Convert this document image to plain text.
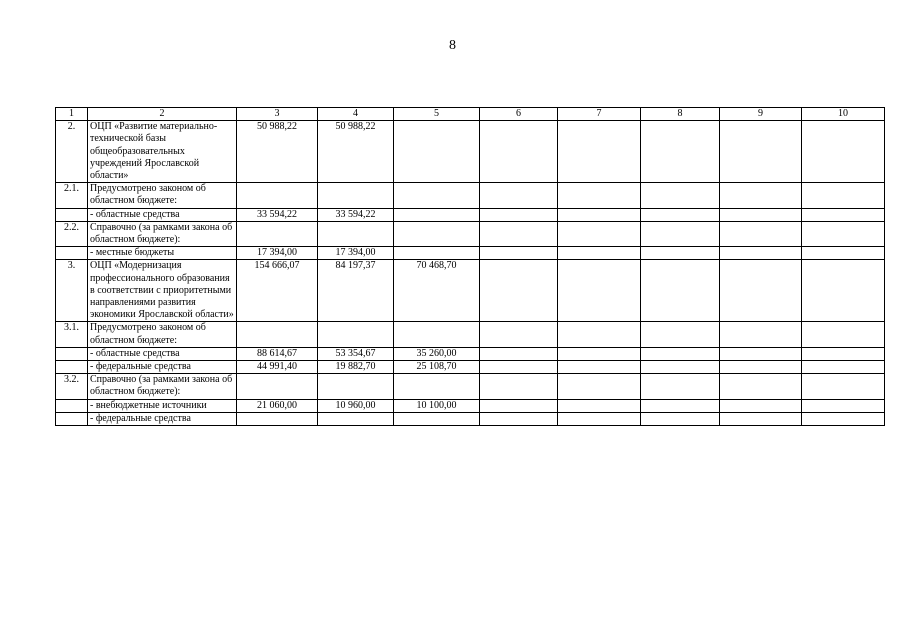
8
1	2	3	4	5	6	7	8	9	10
2.	ОЦП «Развитие материально-технической базы общеобразовательных учреждений Ярославской области»	50 988,22	50 988,22						
2.1.	Предусмотрено законом об областном бюджете:								
	- областные средства	33 594,22	33 594,22						
2.2.	Справочно (за рамками закона об областном бюджете):								
	- местные бюджеты	17 394,00	17 394,00						
3.	ОЦП «Модернизация профессионального образования в соответствии с приоритетными направлениями развития экономики Ярославской области»	154 666,07	84 197,37	70 468,70					
3.1.	Предусмотрено законом об областном бюджете:								
	- областные средства	88 614,67	53 354,67	35 260,00					
	- федеральные средства	44 991,40	19 882,70	25 108,70					
3.2.	Справочно (за рамками закона об областном бюджете):								
	- внебюджетные источники	21 060,00	10 960,00	10 100,00					
	- федеральные средства								
